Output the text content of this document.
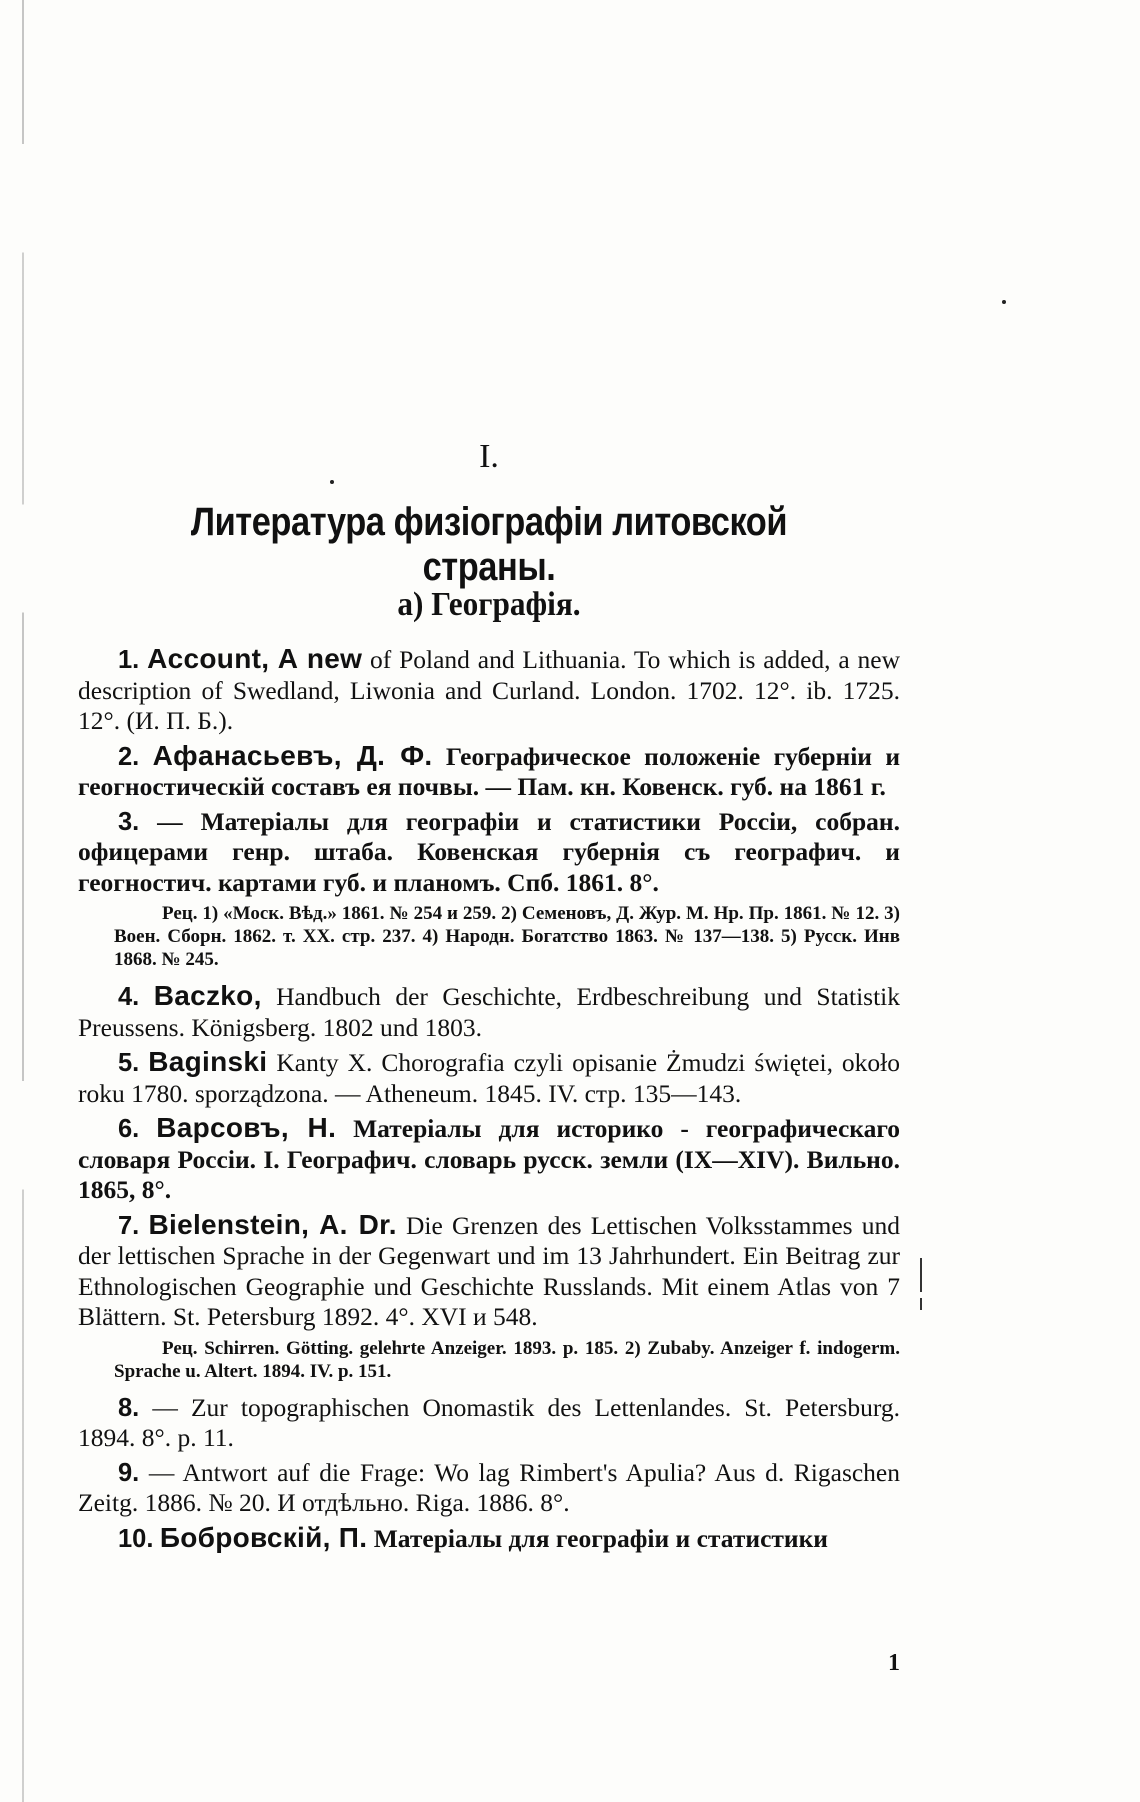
I.
Литература физіографіи литовской страны.
а) Географія.

1. Account, A new of Poland and Lithuania. To which is added, a new description of Swedland, Liwonia and Curland. London. 1702. 12°. ib. 1725. 12°. (И. П. Б.).

2. Афанасьевъ, Д. Ф. Географическое положеніе губерніи и геогностическій составъ ея почвы. — Пам. кн. Ковенск. губ. на 1861 г.

3. — Матеріалы для географіи и статистики Россіи, собран. офицерами генр. штаба. Ковенская губернія съ географич. и геогностич. картами губ. и планомъ. Спб. 1861. 8°.

Рец. 1) «Моск. Вѣд.» 1861. № 254 и 259. 2) Семеновъ, Д. Жур. М. Нр. Пр. 1861. № 12. 3) Воен. Сборн. 1862. т. XX. стр. 237. 4) Народн. Богатство 1863. № 137—138. 5) Русск. Инв 1868. № 245.

4. Baczko, Handbuch der Geschichte, Erdbeschreibung und Statistik Preussens. Königsberg. 1802 und 1803.

5. Baginski Kanty X. Chorografia czyli opisanie Żmudzi świętei, około roku 1780. sporządzona. — Atheneum. 1845. IV. стр. 135—143.

6. Варсовъ, Н. Матеріалы для историко - географическаго словаря Россіи. I. Географич. словарь русск. земли (IX—XIV). Вильно. 1865, 8°.

7. Bielenstein, A. Dr. Die Grenzen des Lettischen Volksstammes und der lettischen Sprache in der Gegenwart und im 13 Jahrhundert. Ein Beitrag zur Ethnologischen Geographie und Geschichte Russlands. Mit einem Atlas von 7 Blättern. St. Petersburg 1892. 4°. XVI и 548.

Рец. Schirren. Götting. gelehrte Anzeiger. 1893. p. 185. 2) Zubaby. Anzeiger f. indogerm. Sprache u. Altert. 1894. IV. p. 151.

8. — Zur topographischen Onomastik des Lettenlandes. St. Petersburg. 1894. 8°. p. 11.

9. — Antwort auf die Frage: Wo lag Rimbert's Apulia? Aus d. Rigaschen Zeitg. 1886. № 20. И отдѣльно. Riga. 1886. 8°.

10. Бобровскій, П. Матеріалы для географіи и статистики

1
